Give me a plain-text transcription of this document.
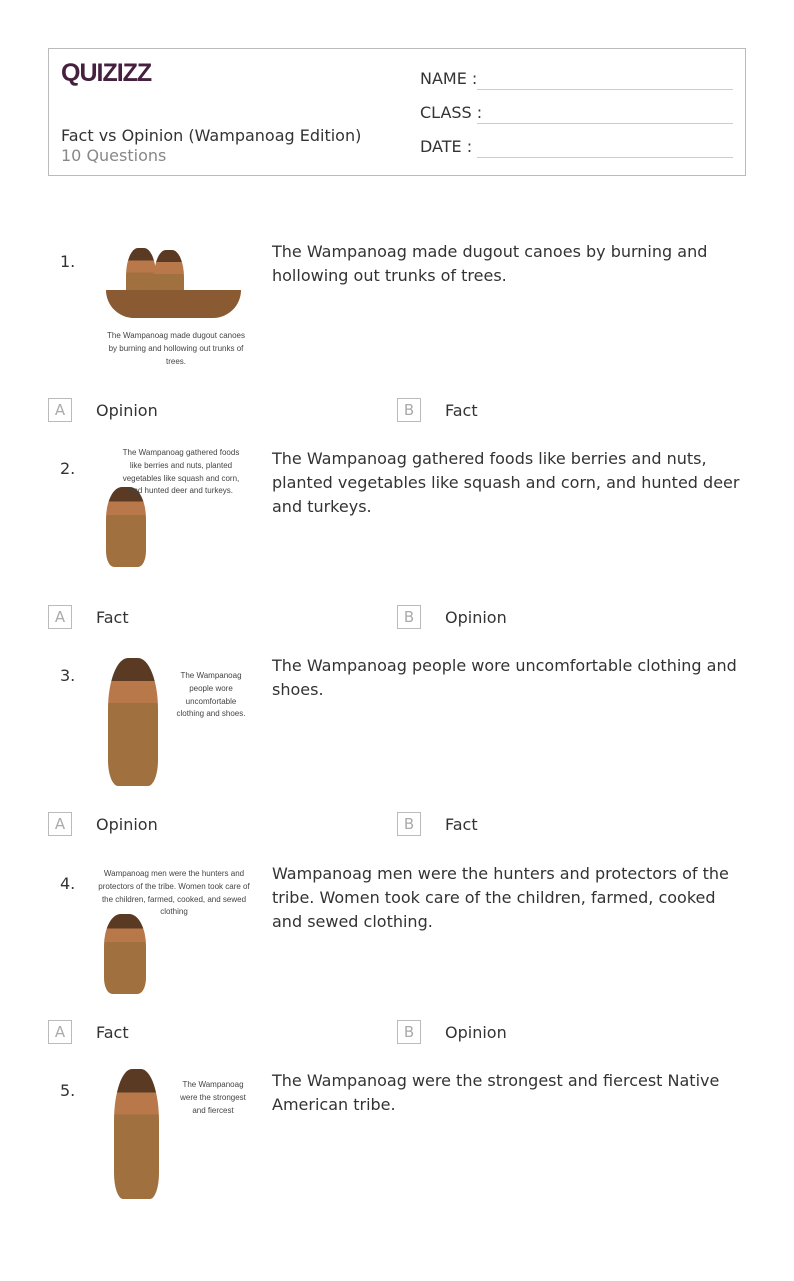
QUIZIZZ
Fact vs Opinion (Wampanoag Edition)
10 Questions
NAME :
CLASS :
DATE :
1.
The Wampanoag made dugout canoes by burning and hollowing out trunks of trees.
The Wampanoag made dugout canoes by burning and hollowing out trunks of trees.
A	Opinion	B	Fact
2.
The Wampanoag gathered foods like berries and nuts, planted vegetables like squash and corn, and hunted deer and turkeys.
The Wampanoag gathered foods like berries and nuts, planted vegetables like squash and corn, and hunted deer and turkeys.
A	Fact	B	Opinion
3.	The Wampanoag people wore uncomfortable clothing and shoes.
The Wampanoag people wore uncomfortable clothing and shoes.
A	Opinion	B	Fact
4.
Wampanoag men were the hunters and protectors of the tribe. Women took care of the children, farmed, cooked, and sewed clothing
Wampanoag men were the hunters and protectors of the tribe. Women took care of the children, farmed, cooked and sewed clothing.
A	Fact	B	Opinion
5.	The Wampanoag were the strongest and fiercest
The Wampanoag were the strongest and fiercest Native American tribe.
